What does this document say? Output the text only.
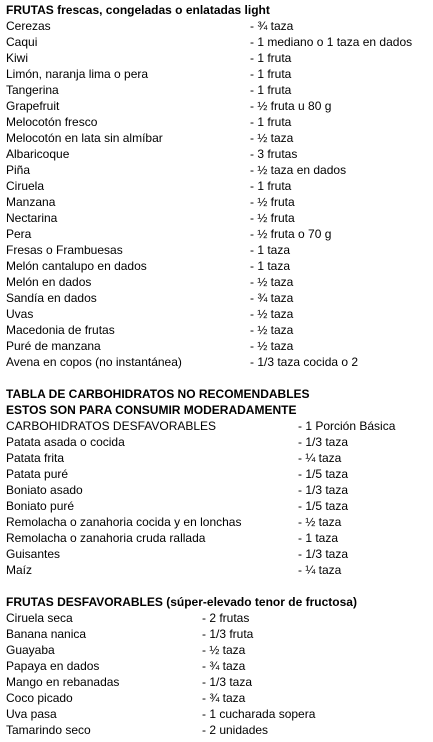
FRUTAS frescas, congeladas o enlatadas light
Cerezas	- ¾ taza
Caqui	- 1 mediano o 1 taza en dados
Kiwi	- 1 fruta
Limón, naranja lima o pera	- 1 fruta
Tangerina	- 1 fruta
Grapefruit	- ½ fruta u 80 g
Melocotón fresco	- 1 fruta
Melocotón en lata sin almíbar	- ½ taza
Albaricoque	- 3 frutas
Piña	- ½ taza en dados
Ciruela	- 1 fruta
Manzana	- ½ fruta
Nectarina	- ½ fruta
Pera	- ½ fruta o 70 g
Fresas o Frambuesas	- 1 taza
Melón cantalupo en dados	- 1 taza
Melón en dados	- ½ taza
Sandía en dados	- ¾ taza
Uvas	- ½ taza
Macedonia de frutas	- ½ taza
Puré de manzana	- ½ taza
Avena en copos (no instantánea)	- 1/3 taza cocida o 2
TABLA DE CARBOHIDRATOS NO RECOMENDABLES
ESTOS SON PARA CONSUMIR MODERADAMENTE
CARBOHIDRATOS DESFAVORABLES	- 1 Porción Básica
Patata asada o cocida	- 1/3 taza
Patata frita	- ¼ taza
Patata puré	- 1/5 taza
Boniato asado	- 1/3 taza
Boniato puré	- 1/5 taza
Remolacha o zanahoria cocida y en lonchas	- ½ taza
Remolacha o zanahoria cruda rallada	- 1 taza
Guisantes	- 1/3 taza
Maíz	- ¼ taza
FRUTAS DESFAVORABLES (súper-elevado tenor de fructosa)
Ciruela seca	- 2 frutas
Banana nanica	- 1/3 fruta
Guayaba	- ½ taza
Papaya en dados	- ¾ taza
Mango en rebanadas	- 1/3 taza
Coco picado	- ¾ taza
Uva pasa	- 1 cucharada sopera
Tamarindo seco	- 2 unidades
